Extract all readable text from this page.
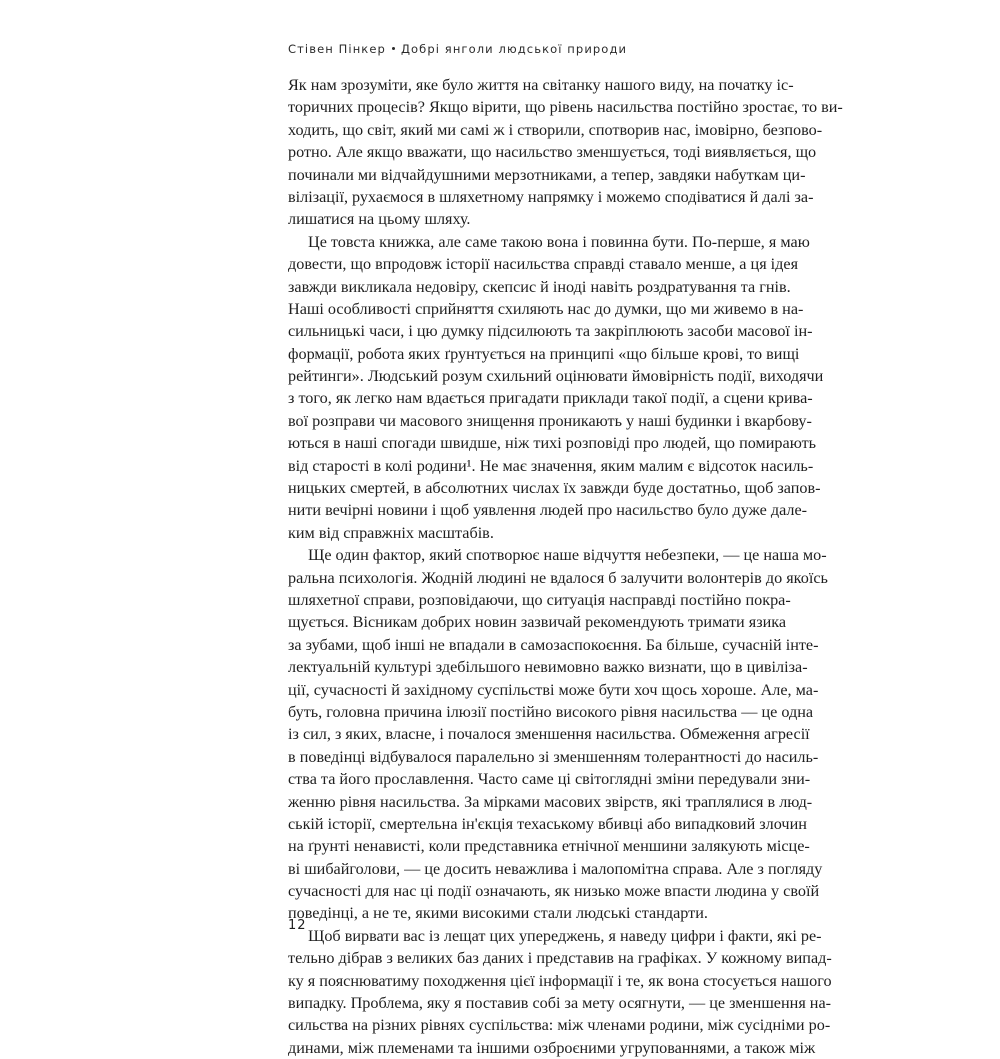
Стівен Пінкер Добрі янголи людської природи
Як нам зрозуміти, яке було життя на світанку нашого виду, на початку іс-
торичних процесів? Якщо вірити, що рівень насильства постійно зростає, то ви-
ходить, що світ, який ми самі ж і створили, спотворив нас, імовірно, безпово-
ротно. Але якщо вважати, що насильство зменшується, тоді виявляється, що
починали ми відчайдушними мерзотниками, а тепер, завдяки набуткам ци-
вілізації, рухаємося в шляхетному напрямку і можемо сподіватися й далі за-
лишатися на цьому шляху.
Це товста книжка, але саме такою вона і повинна бути. По-перше, я маю
довести, що впродовж історії насильства справді ставало менше, а ця ідея
завжди викликала недовіру, скепсис й іноді навіть роздратування та гнів.
Наші особливості сприйняття схиляють нас до думки, що ми живемо в на-
сильницькі часи, і цю думку підсилюють та закріплюють засоби масової ін-
формації, робота яких ґрунтується на принципі «що більше крові, то вищі
рейтинги». Людський розум схильний оцінювати ймовірність події, виходячи
з того, як легко нам вдається пригадати приклади такої події, а сцени крива-
вої розправи чи масового знищення проникають у наші будинки і вкарбову-
ються в наші спогади швидше, ніж тихі розповіді про людей, що помирають
від старості в колі родини¹. Не має значення, яким малим є відсоток насиль-
ницьких смертей, в абсолютних числах їх завжди буде достатньо, щоб запов-
нити вечірні новини і щоб уявлення людей про насильство було дуже дале-
ким від справжніх масштабів.
Ще один фактор, який спотворює наше відчуття небезпеки, — це наша мо-
ральна психологія. Жодній людині не вдалося б залучити волонтерів до якоїсь
шляхетної справи, розповідаючи, що ситуація насправді постійно покра-
щується. Вісникам добрих новин зазвичай рекомендують тримати язика
за зубами, щоб інші не впадали в самозаспокоєння. Ба більше, сучасній інте-
лектуальній культурі здебільшого невимовно важко визнати, що в цивіліза-
ції, сучасності й західному суспільстві може бути хоч щось хороше. Але, ма-
буть, головна причина ілюзії постійно високого рівня насильства — це одна
із сил, з яких, власне, і почалося зменшення насильства. Обмеження агресії
в поведінці відбувалося паралельно зі зменшенням толерантності до насиль-
ства та його прославлення. Часто саме ці світоглядні зміни передували зни-
женню рівня насильства. За мірками масових звірств, які траплялися в люд-
ській історії, смертельна ін'єкція техаському вбивці або випадковий злочин
на ґрунті ненависті, коли представника етнічної меншини залякують місце-
ві шибайголови, — це досить неважлива і малопомітна справа. Але з погляду
сучасності для нас ці події означають, як низько може впасти людина у своїй
поведінці, а не те, якими високими стали людські стандарти.
Щоб вирвати вас із лещат цих упереджень, я наведу цифри і факти, які ре-
тельно дібрав з великих баз даних і представив на графіках. У кожному випад-
ку я пояснюватиму походження цієї інформації і те, як вона стосується нашого
випадку. Проблема, яку я поставив собі за мету осягнути, — це зменшення на-
сильства на різних рівнях суспільства: між членами родини, між сусідніми ро-
динами, між племенами та іншими озброєними угрупованнями, а також між
12
